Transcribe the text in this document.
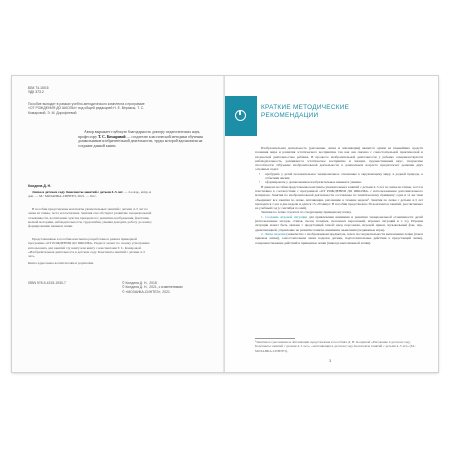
ББК 74.100.5
УДК 373.2
Пособие выходит в рамках учебно-методического комплекта к программе «ОТ РОЖДЕНИЯ ДО ШКОЛЫ» под общей редакцией Н. Е. Вераксы, Т. С. Комаровой, Э. М. Дорофеевой.
Автор выражает глубокую благодарность доктору педагогических наук, профессору Т. С. Комаровой — создателю классической методики обучения дошкольников изобразительной деятельности, труды которой вдохновили на создание данной книги.
Колдина Д. Н.
Лепка в детском саду. Конспекты занятий с детьми 4–5 лет. — 2-е изд., испр. и доп. — М.: МОЗАИКА-СИНТЕЗ, 2021. — 64 с.
В пособии представлены конспекты увлекательных занятий с детьми 4–5 лет по лепке из глины, теста и пластилина. Занятия способствуют развитию эмоциональной отзывчивости, воспитанию чувства прекрасного; развитию воображения, фантазии, мелкой моторики, наблюдательности, трудолюбия, умения доводить работу до конца; формированию навыков лепки.
Представленные в пособии конспекты разработаны в рамках примерной программы «ОТ РОЖДЕНИЯ ДО ШКОЛЫ». Педагог может по своему усмотрению использовать для занятий эту книгу или книгу с конспектами Т. С. Комаровой «Изобразительная деятельность в детском саду. Конспекты занятий с детьми 4–5 лет».
Книга адресована воспитателям и родителям.
ISBN 978-5-4315-1930-7	© Колдина Д. Н., 2018
© Колдина Д. Н., 2021, с изменениями
© «МОЗАИКА-СИНТЕЗ», 2021
КРАТКИЕ МЕТОДИЧЕСКИЕ
РЕКОМЕНДАЦИИ

Изобразительная деятельность (рисование, лепка и аппликация) является одним из важнейших средств познания мира и развития эстетического восприятия, так как она связана с самостоятельной практической и творческой деятельностью ребенка. В процессе изобразительной деятельности у ребенка совершенствуются наблюдательность, развиваются эстетическое восприятие и эмоции, художественный вкус, творческие способности. Обучение изобразительной деятельности в дошкольном возрасте предполагает решение двух основных задач:

• пробудить у детей положительное эмоциональное отношение к окружающему миру, к родной природе, к событиям жизни;

• сформировать у дошкольников изобразительные навыки и умения.

В данном пособии представлены конспекты увлекательных занятий с детьми 4–5 лет по лепке из глины, теста и пластилина в соответствии с программой «ОТ РОЖДЕНИЯ ДО ШКОЛЫ» с использованием дополнительного материала. Занятия по изобразительной деятельности составлены по тематическому принципу: одна и та же тема объединяет все занятия по лепке, аппликации, рисованию в течение недели¹. Занятия по лепке с детьми 4–5 лет проводятся 1 раз в две недели и длятся 15–20 минут. В пособии представлено 36 конспектов занятий, рассчитанных на учебный год (с сентября по май).

Занятия по лепке строятся по следующему примерному плану.

1. Создание игровой ситуации для привлечения внимания и развития эмоциональной отзывчивости детей (использование загадок, стихов, песен, потешек, сказочных персонажей, игровых ситуаций и т. п.). Игровая ситуация может быть связана с предстоящей темой: ввод персонажа, игровой прием, музыкальный фон, пер-драматизацией, управление на развитие памяти, внимания, мышления (подвижные игры).

2. Лепка изделия (знакомство с изображаемым предметом, показ последовательности выполнения лепки (показ приемов лепки), самостоятельная лепка поделок детьми, подготовительные действия к предстоящей лепке), совершенствование действий и принципов лепки (никогда выполняемой лепки).

¹Занятия по рисованию и аппликации представлены в пособиях Д. Н. Колдиной «Рисование в детском саду. Конспекты занятий с детьми 4–5 лет», «Аппликация в детском саду. Конспекты занятий с детьми 4–5 лет» (М.: МОЗАИКА-СИНТЕЗ).
3
